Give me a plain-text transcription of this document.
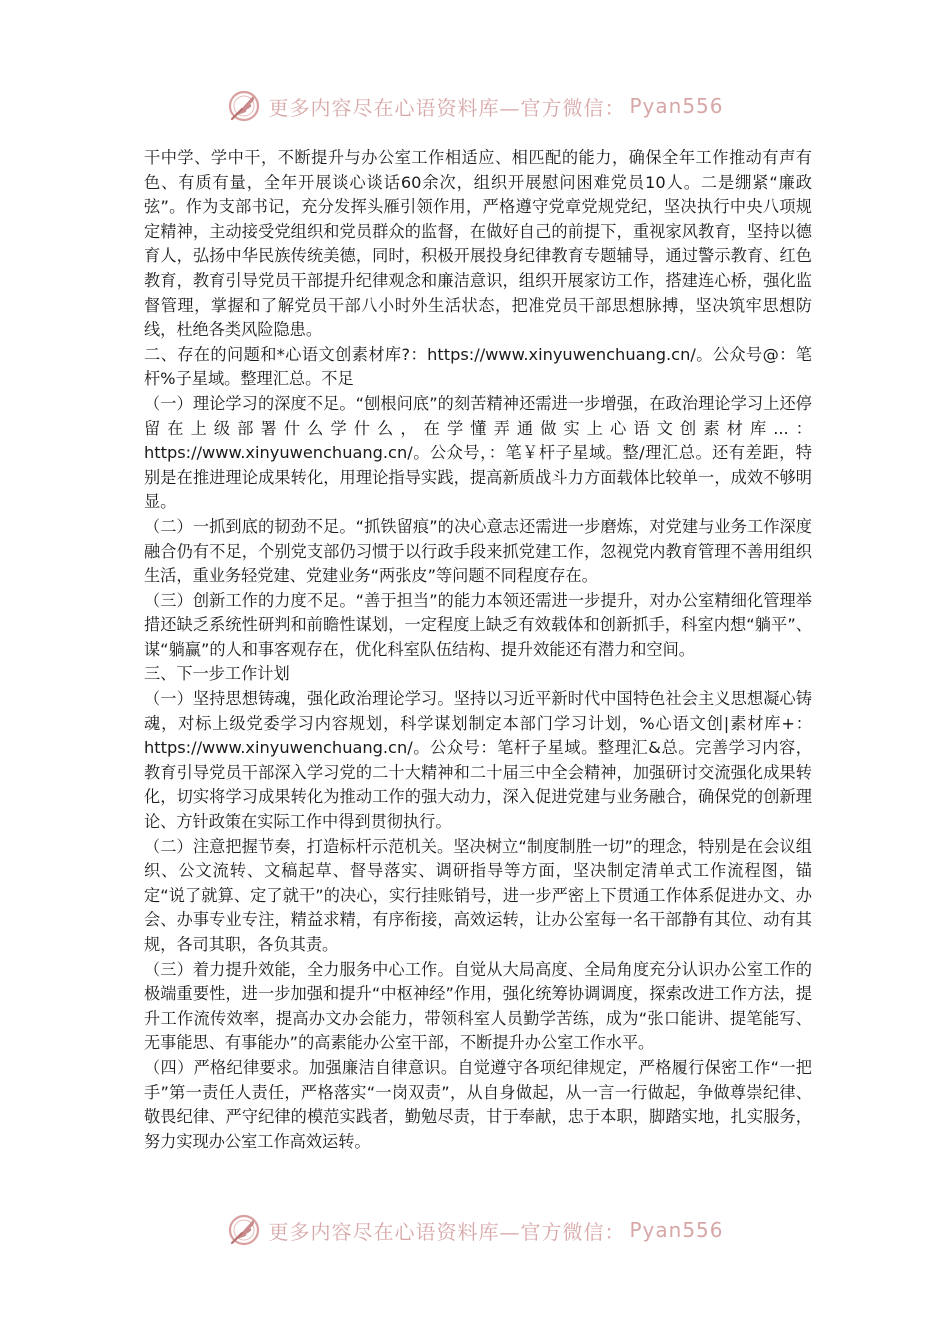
更多内容尽在心语资料库—官方微信： Pyan556

干中学、学中干，不断提升与办公室工作相适应、相匹配的能力，确保全年工作推动有声有色、有质有量，全年开展谈心谈话60余次，组织开展慰问困难党员10人。二是绷紧“廉政弦”。作为支部书记，充分发挥头雁引领作用，严格遵守党章党规党纪，坚决执行中央八项规定精神，主动接受党组织和党员群众的监督，在做好自己的前提下，重视家风教育，坚持以德育人，弘扬中华民族传统美德，同时，积极开展投身纪律教育专题辅导，通过警示教育、红色教育，教育引导党员干部提升纪律观念和廉洁意识，组织开展家访工作，搭建连心桥，强化监督管理，掌握和了解党员干部八小时外生活状态，把准党员干部思想脉搏，坚决筑牢思想防线，杜绝各类风险隐患。

二、存在的问题和*心语文创素材库?：https://www.xinyuwenchuang.cn/。公众号@：笔杆%子星域。整理汇总。不足

（一）理论学习的深度不足。“刨根问底”的刻苦精神还需进一步增强，在政治理论学习上还停留在上级部署什么学什么，在学懂弄通做实上心语文创素材库...：https://www.xinyuwenchuang.cn/。公众号，：笔￥杆子星域。整/理汇总。还有差距，特别是在推进理论成果转化，用理论指导实践，提高新质战斗力方面载体比较单一，成效不够明显。

（二）一抓到底的韧劲不足。“抓铁留痕”的决心意志还需进一步磨炼，对党建与业务工作深度融合仍有不足，个别党支部仍习惯于以行政手段来抓党建工作，忽视党内教育管理不善用组织生活，重业务轻党建、党建业务“两张皮”等问题不同程度存在。

（三）创新工作的力度不足。“善于担当”的能力本领还需进一步提升，对办公室精细化管理举措还缺乏系统性研判和前瞻性谋划，一定程度上缺乏有效载体和创新抓手，科室内想“躺平”、谋“躺赢”的人和事客观存在，优化科室队伍结构、提升效能还有潜力和空间。

三、下一步工作计划

（一）坚持思想铸魂，强化政治理论学习。坚持以习近平新时代中国特色社会主义思想凝心铸魂，对标上级党委学习内容规划，科学谋划制定本部门学习计划，%心语文创|素材库+：https://www.xinyuwenchuang.cn/。公众号：笔杆子星域。整理汇&总。完善学习内容，教育引导党员干部深入学习党的二十大精神和二十届三中全会精神，加强研讨交流强化成果转化，切实将学习成果转化为推动工作的强大动力，深入促进党建与业务融合，确保党的创新理论、方针政策在实际工作中得到贯彻执行。

（二）注意把握节奏，打造标杆示范机关。坚决树立“制度制胜一切”的理念，特别是在会议组织、公文流转、文稿起草、督导落实、调研指导等方面，坚决制定清单式工作流程图，锚定“说了就算、定了就干”的决心，实行挂账销号，进一步严密上下贯通工作体系促进办文、办会、办事专业专注，精益求精，有序衔接，高效运转，让办公室每一名干部静有其位、动有其规，各司其职，各负其责。

（三）着力提升效能，全力服务中心工作。自觉从大局高度、全局角度充分认识办公室工作的极端重要性，进一步加强和提升“中枢神经”作用，强化统筹协调调度，探索改进工作方法，提升工作流传效率，提高办文办会能力，带领科室人员勤学苦练，成为“张口能讲、提笔能写、无事能思、有事能办”的高素能办公室干部，不断提升办公室工作水平。

（四）严格纪律要求。加强廉洁自律意识。自觉遵守各项纪律规定，严格履行保密工作“一把手”第一责任人责任，严格落实“一岗双责”，从自身做起，从一言一行做起，争做尊崇纪律、敬畏纪律、严守纪律的模范实践者，勤勉尽责，甘于奉献，忠于本职，脚踏实地，扎实服务，努力实现办公室工作高效运转。

更多内容尽在心语资料库—官方微信： Pyan556
